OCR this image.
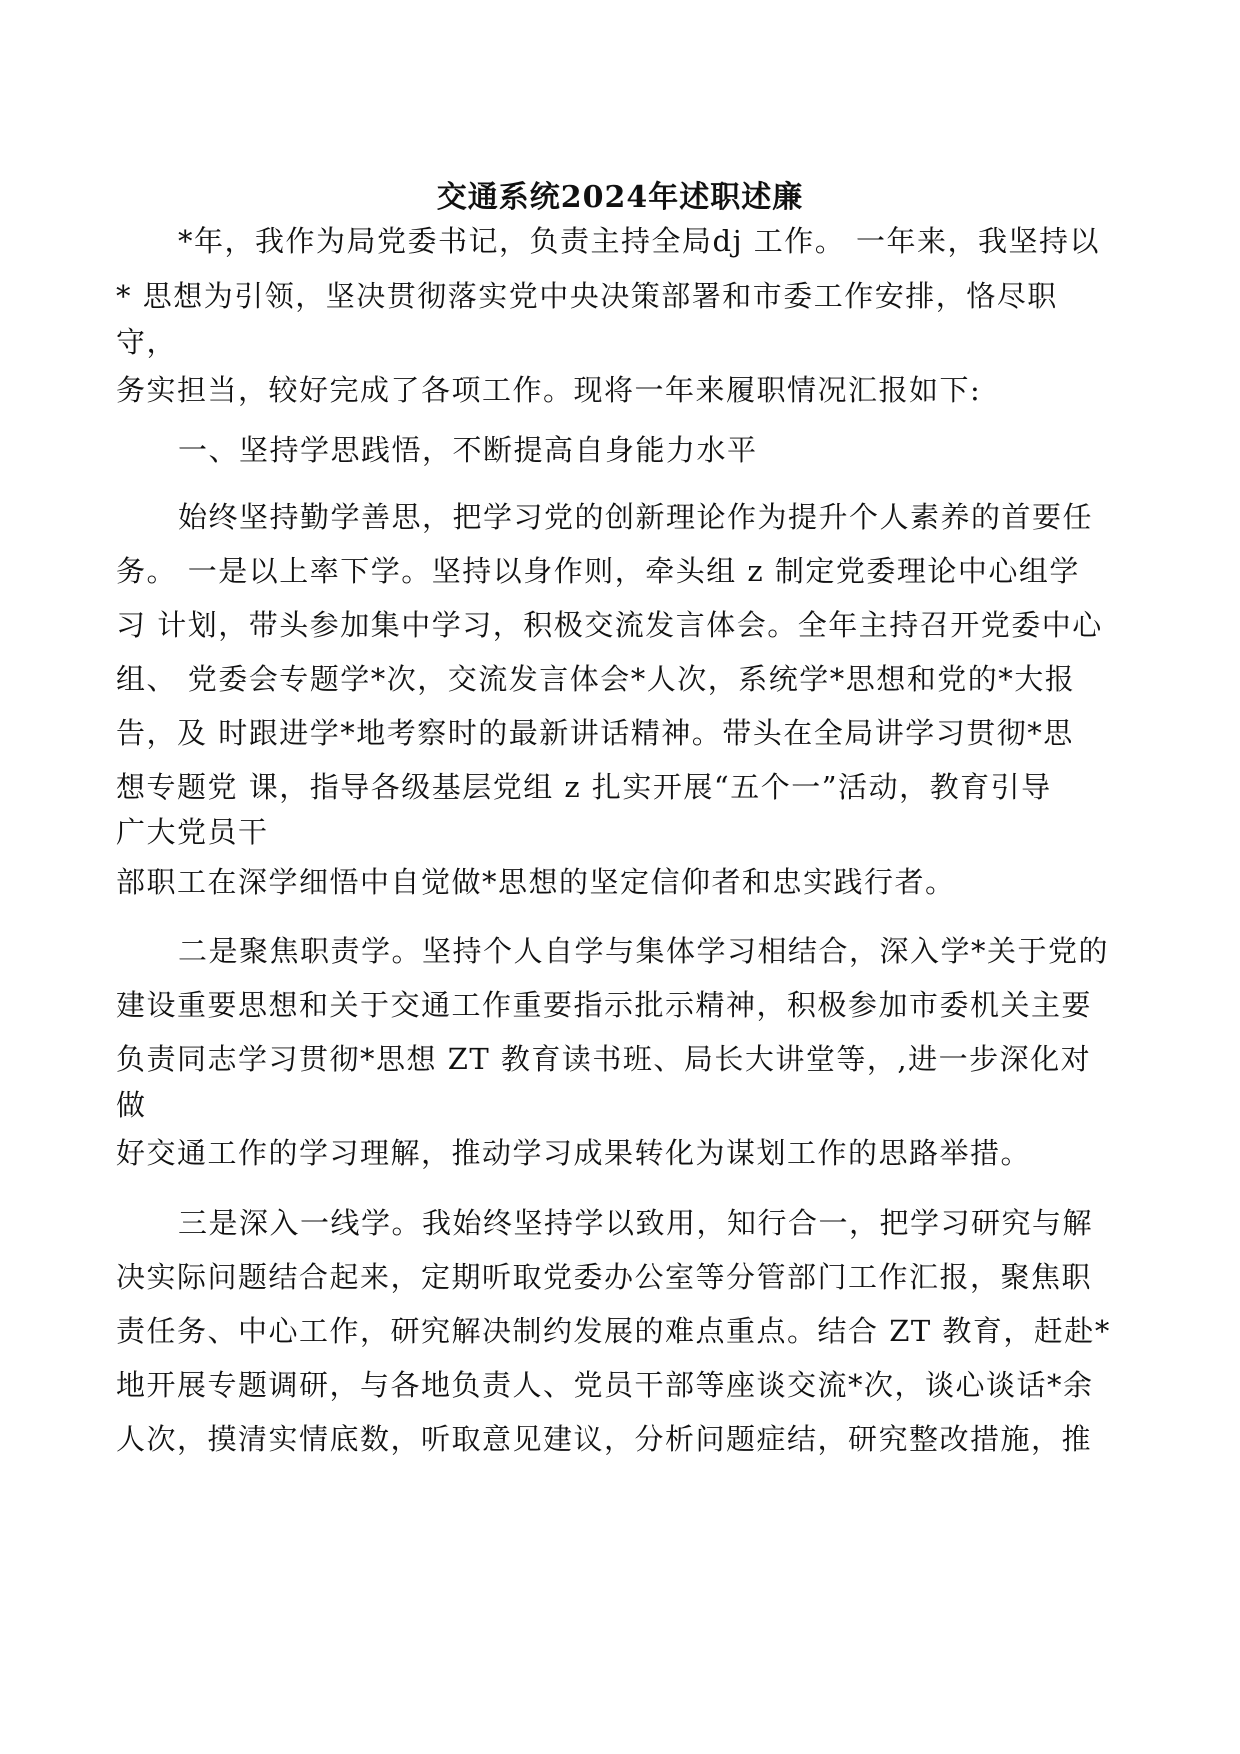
交通系统2024年述职述廉
*年，我作为局党委书记，负责主持全局dj 工作。 一年来，我坚持以
* 思想为引领，坚决贯彻落实党中央决策部署和市委工作安排，恪尽职
守，
务实担当，较好完成了各项工作。现将一年来履职情况汇报如下:
一、坚持学思践悟，不断提高自身能力水平
始终坚持勤学善思，把学习党的创新理论作为提升个人素养的首要任
务。 一是以上率下学。坚持以身作则，牵头组 z 制定党委理论中心组学
习 计划，带头参加集中学习，积极交流发言体会。全年主持召开党委中心
组、 党委会专题学*次，交流发言体会*人次，系统学*思想和党的*大报
告，及 时跟进学*地考察时的最新讲话精神。带头在全局讲学习贯彻*思
想专题党 课，指导各级基层党组 z 扎实开展“五个一”活动，教育引导
广大党员干
部职工在深学细悟中自觉做*思想的坚定信仰者和忠实践行者。
二是聚焦职责学。坚持个人自学与集体学习相结合，深入学*关于党的
建设重要思想和关于交通工作重要指示批示精神，积极参加市委机关主要
负责同志学习贯彻*思想 ZT 教育读书班、局长大讲堂等，,进一步深化对
做
好交通工作的学习理解，推动学习成果转化为谋划工作的思路举措。
三是深入一线学。我始终坚持学以致用，知行合一，把学习研究与解
决实际问题结合起来，定期听取党委办公室等分管部门工作汇报，聚焦职
责任务、中心工作，研究解决制约发展的难点重点。结合 ZT 教育，赶赴*
地开展专题调研，与各地负责人、党员干部等座谈交流*次，谈心谈话*余
人次，摸清实情底数，听取意见建议，分析问题症结，研究整改措施，推
